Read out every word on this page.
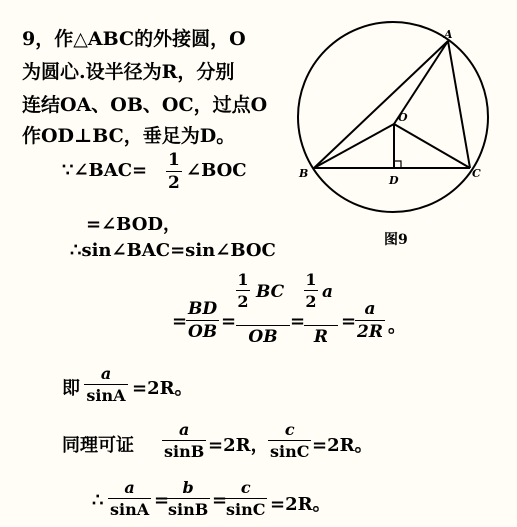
9，作△ABC的外接圆，O
为圆心.设半径为R，分别
连结OA、OB、OC，过点O
作OD⊥BC，垂足为D。
∵∠BAC= 1
2
∠BOC
=∠BOD，
∴sin∠BAC=sin∠BOC
=
BD
OB =
1
2 BC
OB
=
1
2 a
R
=
a
2R 。
即
a
sinA =2R。
同理可证
a
sinB =2R，
c
sinC =2R。
∴
a
sinA =
b
sinB =
c
sinC =2R。
A
O
B	C
D
图9
